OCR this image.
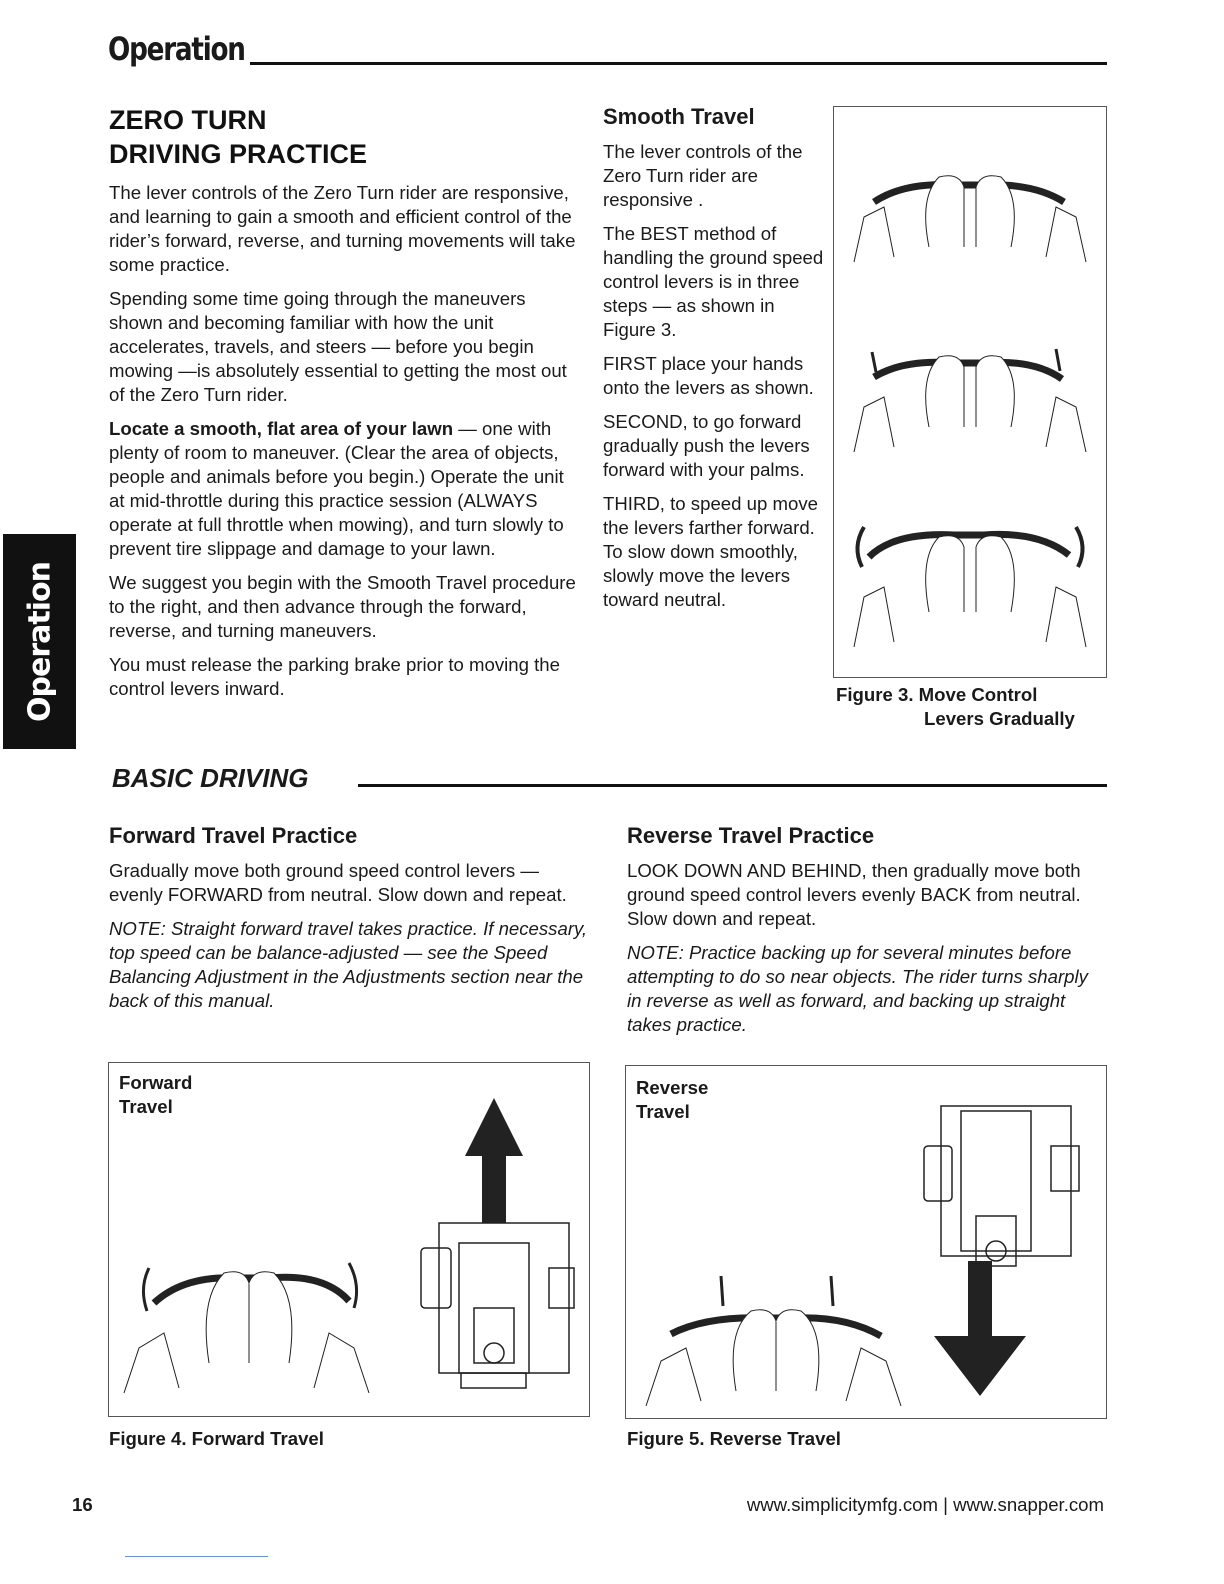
Operation
Operation
ZERO TURN
DRIVING PRACTICE

The lever controls of the Zero Turn rider are responsive, and learning to gain a smooth and efficient control of the rider’s forward, reverse, and turning movements will take some practice.

Spending some time going through the maneuvers shown and becoming familiar with how the unit accelerates, travels, and steers — before you begin mowing —is absolutely essential to getting the most out of the Zero Turn rider.

Locate a smooth, flat area of your lawn — one with plenty of room to maneuver. (Clear the area of objects, people and animals before you begin.) Operate the unit at mid-throttle during this practice session (ALWAYS operate at full throttle when mowing), and turn slowly to prevent tire slippage and damage to your lawn.

We suggest you begin with the Smooth Travel procedure to the right, and then advance through the forward, reverse, and turning maneuvers.

You must release the parking brake prior to moving the control levers inward.

Smooth Travel

The lever controls of the Zero Turn rider are responsive .

The BEST method of handling the ground speed control levers is in three steps — as shown in Figure 3.

FIRST place your hands onto the levers as shown.

SECOND, to go forward gradually push the levers forward with your palms.

THIRD, to speed up move the levers farther forward. To slow down smoothly, slowly move the levers toward neutral.

Figure 3. Move Control
Levers Gradually
BASIC DRIVING
Forward Travel Practice

Gradually move both ground speed control levers — evenly FORWARD from neutral. Slow down and repeat.

NOTE: Straight forward travel takes practice. If necessary, top speed can be balance-adjusted — see the Speed Balancing Adjustment in the Adjustments section near the back of this manual.

Reverse Travel Practice

LOOK DOWN AND BEHIND, then gradually move both ground speed control levers evenly BACK from neutral. Slow down and repeat.

NOTE: Practice backing up for several minutes before attempting to do so near objects. The rider turns sharply in reverse as well as forward, and backing up straight takes practice.

Forward
Travel
Figure 4. Forward Travel
Reverse
Travel
Figure 5. Reverse Travel
16	www.simplicitymfg.com | www.snapper.com
